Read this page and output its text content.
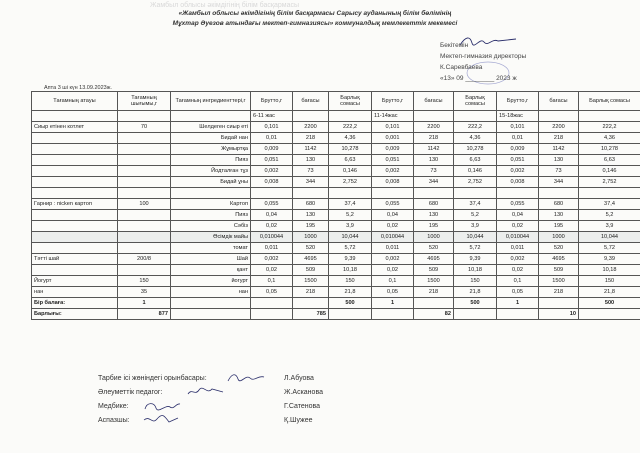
Жамбыл облысы әкімдігінің білім басқармасы
«Жамбыл облысы әкімдігінің білім басқармасы Сарысу ауданының білім бөлімінің
Мұхтар Әуезов атындағы мектеп-гимназиясы» коммуналдық мемлекеттік мекемесі
Бекітемін
Мектеп-гимназия директоры
К.Саревбаева
«13» 09 ________ 2023 ж
Апта 3 ші күн 13.09.2023ж.
Тағамның атауы	Тағамның шығымы,г	Тағамның ингредиенттері,г	Брутто,г	бағасы	Барлық сомасы	Брутто,г	бағасы	Барлық сомасы	Брутто,г	бағасы	Барлық сомасы
			6-11 жас			11-14жас			15-18жас		
Сиыр етінен котлет	70	Шелдеген сиыр еті	0,101	2200	222,2	0,101	2200	222,2	0,101	2200	222,2
		Бидай нан	0,01	218	4,36	0,001	218	4,36	0,01	218	4,36
		Жұмыртқа	0,009	1142	10,278	0,009	1142	10,278	0,009	1142	10,278
		Пияз	0,051	130	6,63	0,051	130	6,63	0,051	130	6,63
		Йодталған тұз	0,002	73	0,146	0,002	73	0,146	0,002	73	0,146
		Бидай ұны	0,008	344	2,752	0,008	344	2,752	0,008	344	2,752

Гарнир : пісken картоп	100	Картоп	0,055	680	37,4	0,055	680	37,4	0,055	680	37,4
		Пияз	0,04	130	5,2	0,04	130	5,2	0,04	130	5,2
		Сәбіз	0,02	195	3,9	0,02	195	3,9	0,02	195	3,9
		Өсімдік майы	0,010044	1000	10,044	0,010044	1000	10,044	0,010044	1000	10,044
		томат	0,011	520	5,72	0,011	520	5,72	0,011	520	5,72
Тәтті шай	200/8	Шай	0,002	4695	9,39	0,002	4695	9,39	0,002	4695	9,39
		қант	0,02	509	10,18	0,02	509	10,18	0,02	509	10,18
Йогурт	150	йогурт	0,1	1500	150	0,1	1500	150	0,1	1500	150
нан	35	нан	0,05	218	21,8	0,05	218	21,8	0,05	218	21,8
Бір балаға:	1				500	1		500	1		500
Барлығы:	877			785			82			10	
Тарбие ісі жөніндегі орынбасары:	Л.Абуова
Әлеуметтік педагог:	Ж.Асканова
Медбике:	Г.Сатенова
Аспазшы:	Қ.Шужее
